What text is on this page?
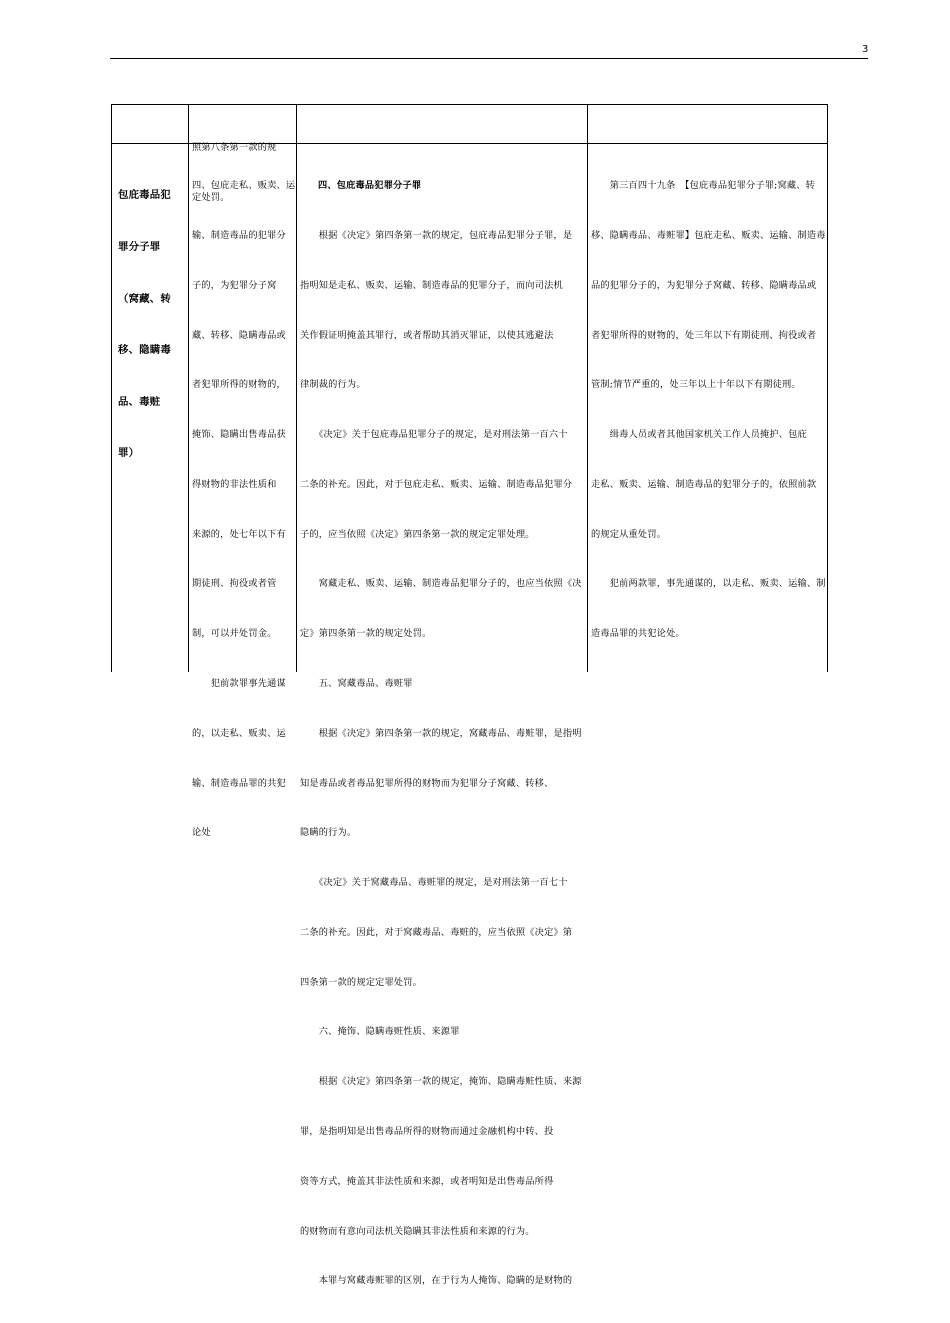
3

照第八条第一款的规

定处罚。

包庇毒品犯

罪分子罪

（窝藏、转

移、隐瞒毒

品、毒赃

罪）

四、包庇走私、贩卖、运

输、制造毒品的犯罪分

子的，为犯罪分子窝

藏、转移、隐瞒毒品或

者犯罪所得的财物的，

掩饰、隐瞒出售毒品获

得财物的非法性质和

来源的，处七年以下有

期徒刑、拘役或者管

制，可以并处罚金。

　　犯前款罪事先通谋

的，以走私、贩卖、运

输、制造毒品罪的共犯

论处

四、包庇毒品犯罪分子罪

　　根据《决定》第四条第一款的规定，包庇毒品犯罪分子罪，是

指明知是走私、贩卖、运输、制造毒品的犯罪分子，而向司法机

关作假证明掩盖其罪行，或者帮助其消灭罪证，以使其逃避法

律制裁的行为。

　　《决定》关于包庇毒品犯罪分子的规定，是对刑法第一百六十

二条的补充。因此，对于包庇走私、贩卖、运输、制造毒品犯罪分

子的，应当依照《决定》第四条第一款的规定定罪处理。

　　窝藏走私、贩卖、运输、制造毒品犯罪分子的，也应当依照《决

定》第四条第一款的规定处罚。

　　五、窝藏毒品、毒赃罪

　　根据《决定》第四条第一款的规定，窝藏毒品、毒赃罪，是指明

知是毒品或者毒品犯罪所得的财物而为犯罪分子窝藏、转移、

隐瞒的行为。

　　《决定》关于窝藏毒品、毒赃罪的规定，是对刑法第一百七十

二条的补充。因此，对于窝藏毒品、毒赃的，应当依照《决定》第

四条第一款的规定定罪处罚。

　　六、掩饰、隐瞒毒赃性质、来源罪

　　根据《决定》第四条第一款的规定，掩饰、隐瞒毒赃性质、来源

罪，是指明知是出售毒品所得的财物而通过金融机构中转、投

资等方式，掩盖其非法性质和来源，或者明知是出售毒品所得

的财物而有意向司法机关隐瞒其非法性质和来源的行为。

　　本罪与窝藏毒赃罪的区别，在于行为人掩饰、隐瞒的是财物的

　　第三百四十九条　【包庇毒品犯罪分子罪;窝藏、转

移、隐瞒毒品、毒赃罪】包庇走私、贩卖、运输、制造毒

品的犯罪分子的，为犯罪分子窝藏、转移、隐瞒毒品或

者犯罪所得的财物的，处三年以下有期徒刑、拘役或者

管制;情节严重的，处三年以上十年以下有期徒刑。

　　缉毒人员或者其他国家机关工作人员掩护、包庇

走私、贩卖、运输、制造毒品的犯罪分子的，依照前款

的规定从重处罚。

　　犯前两款罪，事先通谋的，以走私、贩卖、运输、制

造毒品罪的共犯论处。
